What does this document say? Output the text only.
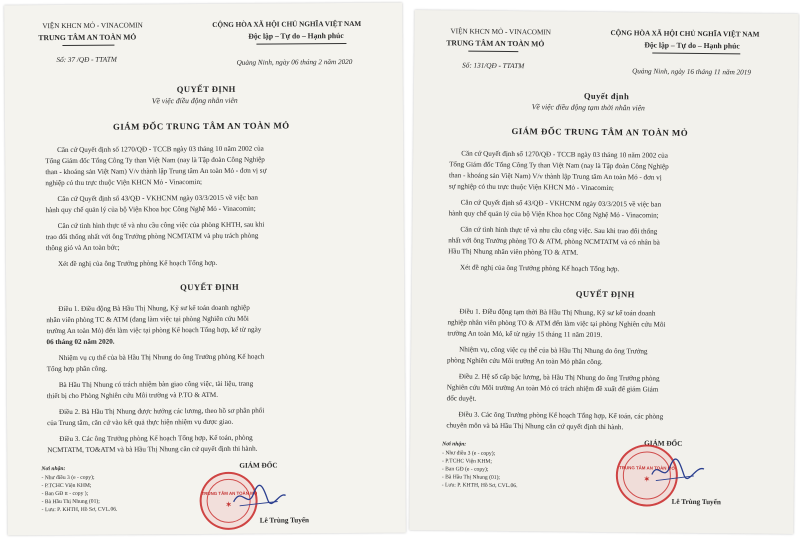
VIỆN KHCN MỎ - VINACOMIN
TRUNG TÂM AN TOÀN MỎ
CỘNG HÒA XÃ HỘI CHỦ NGHĨA VIỆT NAM
Độc lập – Tự do – Hạnh phúc
Số: 37 /QĐ - TTATM	Quảng Ninh, ngày 06 tháng 2 năm 2020
QUYẾT ĐỊNH
Về việc điều động nhân viên
GIÁM ĐỐC TRUNG TÂM AN TOÀN MỎ
Căn cứ Quyết định số 1270/QĐ - TCCB ngày 03 tháng 10 năm 2002 của
Tổng Giám đốc Tổng Công Ty than Việt Nam (nay là Tập đoàn Công Nghiệp
than - khoáng sản Việt Nam) V/v thành lập Trung tâm An toàn Mỏ - đơn vị sự
nghiệp có thu trực thuộc Viện KHCN Mỏ - Vinacomin;
Căn cứ Quyết định số 43/QĐ - VKHCNM ngày 03/3/2015 về việc ban
hành quy chế quản lý của bộ Viện Khoa học Công Nghệ Mỏ - Vinacomin;
Căn cứ tình hình thực tế và nhu cầu công việc của phòng KHTH, sau khi
trao đổi thống nhất với ông Trưởng phòng NCMTATM và phụ trách phòng
thông gió và An toàn bức;
Xét đề nghị của ông Trưởng phòng Kế hoạch Tổng hợp.
QUYẾT ĐỊNH
Điều 1. Điều động Bà Hầu Thị Nhung, Kỹ sư kế toán doanh nghiệp
nhân viên phòng TC & ATM (đang làm việc tại phòng Nghiên cứu Môi
trường An toàn Mỏ) đến làm việc tại phòng Kế hoạch Tổng hợp, kể từ ngày
06 tháng 02 năm 2020.
Nhiệm vụ cụ thể của bà Hầu Thị Nhung do ông Trưởng phòng Kế hoạch
Tổng hợp phân công.
Bà Hầu Thị Nhung có trách nhiệm bàn giao công việc, tài liệu, trang
thiết bị cho Phòng Nghiên cứu Môi trường và P.TO & ATM.
Điều 2. Bà Hầu Thị Nhung được hưởng các lương, theo hồ sơ phân phối
của Trung tâm, căn cứ vào kết quả thực hiện nhiệm vụ được giao.
Điều 3. Các ông Trưởng phòng Kế hoạch Tổng hợp, Kế toán, phòng
NCMTATM, TO&ATM và bà Hầu Thị Nhung căn cứ quyết định thi hành.
Nơi nhận:
- Như điều 3 (e - copy);
- P.TCHC Viện KHM;
- Ban GĐ tt - copy );
- Bà Hầu Thị Nhung (01);
- Lưu: P. KHTH, Hồ Sơ, CVL.06.
GIÁM ĐỐC
TRUNG TÂM AN TOÀN MỎ
✶
Lê Trùng Tuyến
VIỆN KHCN MỎ - VINACOMIN
TRUNG TÂM AN TOÀN MỎ
CỘNG HÒA XÃ HỘI CHỦ NGHĨA VIỆT NAM
Độc lập – Tự do – Hạnh phúc
Số: 131/QĐ - TTATM
Quảng Ninh, ngày 16 tháng 11 năm 2019
Quyết định
Về việc điều động tạm thời nhân viên
GIÁM ĐỐC TRUNG TÂM AN TOÀN MỎ
Căn cứ Quyết định số 1270/QĐ - TCCB ngày 03 tháng 10 năm 2002 của
Tổng Giám đốc Tổng Công Ty than Việt Nam (nay là Tập đoàn Công Nghiệp
than - khoáng sản Việt Nam) V/v thành lập Trung tâm An toàn Mỏ - đơn vị
sự nghiệp có thu trực thuộc Viện KHCN Mỏ - Vinacomin;
Căn cứ Quyết định số 43/QĐ - VKHCNM ngày 03/3/2015 về việc ban
hành quy chế quản lý của bộ Viện Khoa học Công Nghệ Mỏ - Vinacomin;
Căn cứ tình hình thực tế và nhu cầu công việc. Sau khi trao đổi thống
nhất với ông Trưởng phòng TO & ATM, phòng NCMTATM và có nhân bà
Hầu Thị Nhung nhân viên phòng TO & ATM.
Xét đề nghị của ông Trưởng phòng Kế hoạch Tổng hợp.
QUYẾT ĐỊNH
Điều 1. Điều động tạm thời Bà Hầu Thị Nhung, Kỹ sư kế toán doanh
nghiệp nhân viên phòng TO & ATM đến làm việc tại phòng Nghiên cứu Môi
trường An toàn Mỏ, kể từ ngày 15 tháng 11 năm 2019.
Nhiệm vụ, công việc cụ thể của bà Hầu Thị Nhung do ông Trưởng
phòng Nghiên cứu Môi trường An toàn Mỏ phân công.
Điều 2. Hệ số cấp bậc lương, bà Hầu Thị Nhung do ông Trưởng phòng
Nghiên cứu Môi trường An toàn Mỏ có trách nhiệm đề xuất để giám Giám
đốc duyệt.
Điều 3. Các ông Trưởng phòng Kế hoạch Tổng hợp, Kế toán, các phòng
chuyên môn và bà Hầu Thị Nhung căn cứ quyết định thi hành.
Nơi nhận:
- Như điều 3 (e - copy);
- P.TCHC Viện KHM;
- Ban GĐ (e - copy);
- Bà Hầu Thị Nhung (01);
- Lưu: P. KHTH, Hồ Sơ, CVL.06.
GIÁM ĐỐC
TRUNG TÂM AN TOÀN MỎ
✶
Lê Trùng Tuyến
